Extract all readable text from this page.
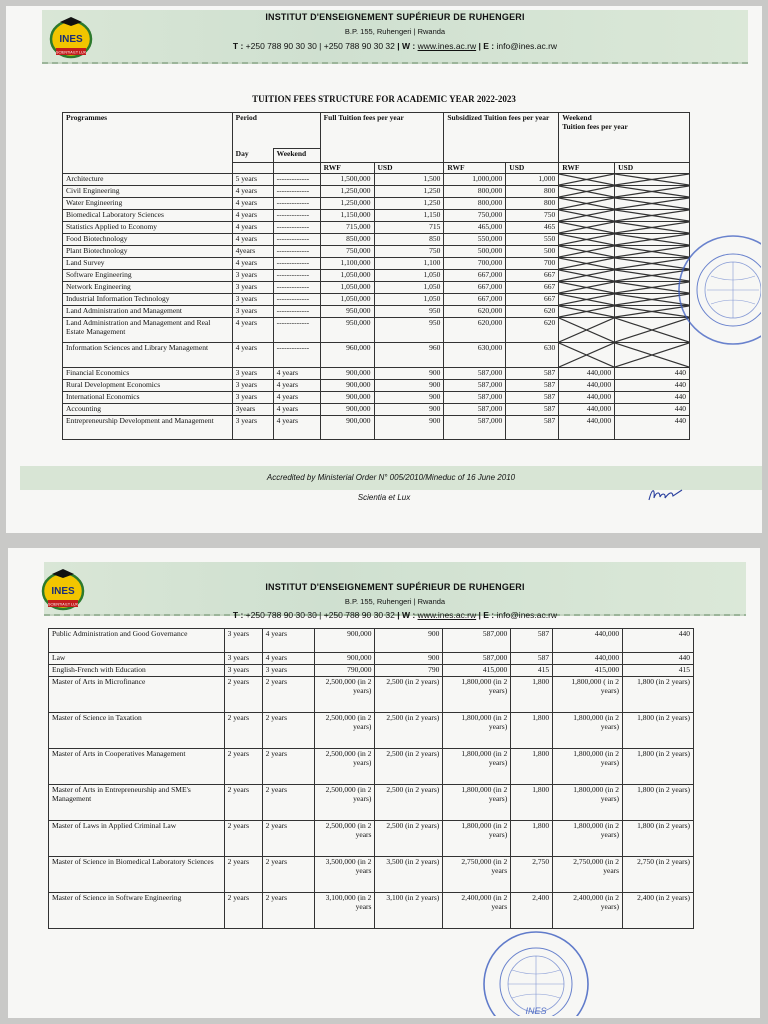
INES
SCIENTIA ET LUX
INSTITUT D'ENSEIGNEMENT SUPÉRIEUR DE RUHENGERI
B.P. 155, Ruhengeri | Rwanda
T : +250 788 90 30 30 | +250 788 90 30 32 | W : www.ines.ac.rw | E : info@ines.ac.rw
TUITION FEES STRUCTURE FOR ACADEMIC YEAR 2022-2023
Programmes	Period		Full Tuition fees per year		Subsidized Tuition fees per year		Weekend
Tuition fees per year	
	Day	Weekend						
			RWF	USD	RWF	USD	RWF	USD
Architecture	5 years	-------------	1,500,000	1,500	1,000,000	1,000	

Civil Engineering	4 years	-------------	1,250,000	1,250	800,000	800	

Water Engineering	4 years	-------------	1,250,000	1,250	800,000	800	

Biomedical Laboratory Sciences	4 years	-------------	1,150,000	1,150	750,000	750	

Statistics Applied to Economy	4 years	-------------	715,000	715	465,000	465	

Food Biotechnology	4 years	-------------	850,000	850	550,000	550	

Plant Biotechnology	4years	-------------	750,000	750	500,000	500	

Land Survey	4 years	-------------	1,100,000	1,100	700,000	700	

Software Engineering	3 years	-------------	1,050,000	1,050	667,000	667	

Network Engineering	3 years	-------------	1,050,000	1,050	667,000	667	

Industrial Information Technology	3 years	-------------	1,050,000	1,050	667,000	667	

Land Administration and Management	3 years	-------------	950,000	950	620,000	620	

Land Administration and Management and Real Estate Management	4 years	-------------	950,000	950	620,000	620	

Information Sciences and Library Management	4 years	-------------	960,000	960	630,000	630	

Financial Economics	3 years	4 years	900,000	900	587,000	587	440,000	440
Rural Development Economics	3 years	4 years	900,000	900	587,000	587	440,000	440
International Economics	3 years	4 years	900,000	900	587,000	587	440,000	440
Accounting	3years	4 years	900,000	900	587,000	587	440,000	440
Entrepreneurship Development and Management	3 years	4 years	900,000	900	587,000	587	440,000	440
Accredited by Ministerial Order N° 005/2010/Mineduc of 16 June 2010
Scientia et Lux
INES
SCIENTIA ET LUX
INSTITUT D'ENSEIGNEMENT SUPÉRIEUR DE RUHENGERI
B.P. 155, Ruhengeri | Rwanda
T : +250 788 90 30 30 | +250 788 90 30 32 | W : www.ines.ac.rw | E : info@ines.ac.rw
Public Administration and Good Governance	3 years	4 years	900,000	900	587,000	587	440,000	440
Law	3 years	4 years	900,000	900	587,000	587	440,000	440
English-French with Education	3 years	3 years	790,000	790	415,000	415	415,000	415
Master of Arts in Microfinance	2 years	2 years	2,500,000 (in 2 years)	2,500 (in 2 years)	1,800,000 (in 2 years)	1,800	1,800,000 ( in 2 years)	1,800 (in 2 years)
Master of Science in Taxation	2 years	2 years	2,500,000 (in 2 years)	2,500 (in 2 years)	1,800,000 (in 2 years)	1,800	1,800,000 (in 2 years)	1,800 (in 2 years)
Master of Arts in Cooperatives Management	2 years	2 years	2,500,000 (in 2 years)	2,500 (in 2 years)	1,800,000 (in 2 years)	1,800	1,800,000 (in 2 years)	1,800 (in 2 years)
Master of Arts in Entrepreneurship and SME's Management	2 years	2 years	2,500,000 (in 2 years)	2,500 (in 2 years)	1,800,000 (in 2 years)	1,800	1,800,000 (in 2 years)	1,800 (in 2 years)
Master of Laws in Applied Criminal Law	2 years	2 years	2,500,000 (in 2 years	2,500 (in 2 years)	1,800,000 (in 2 years)	1,800	1,800,000 (in 2 years)	1,800 (in 2 years)
Master of Science in Biomedical Laboratory Sciences	2 years	2 years	3,500,000 (in 2 years	3,500 (in 2 years)	2,750,000 (in 2 years	2,750	2,750,000 (in 2 years	2,750 (in 2 years)
Master of Science in Software Engineering	2 years	2 years	3,100,000 (in 2 years	3,100 (in 2 years)	2,400,000 (in 2 years	2,400	2,400,000 (in 2 years)	2,400 (in 2 years)
INES
